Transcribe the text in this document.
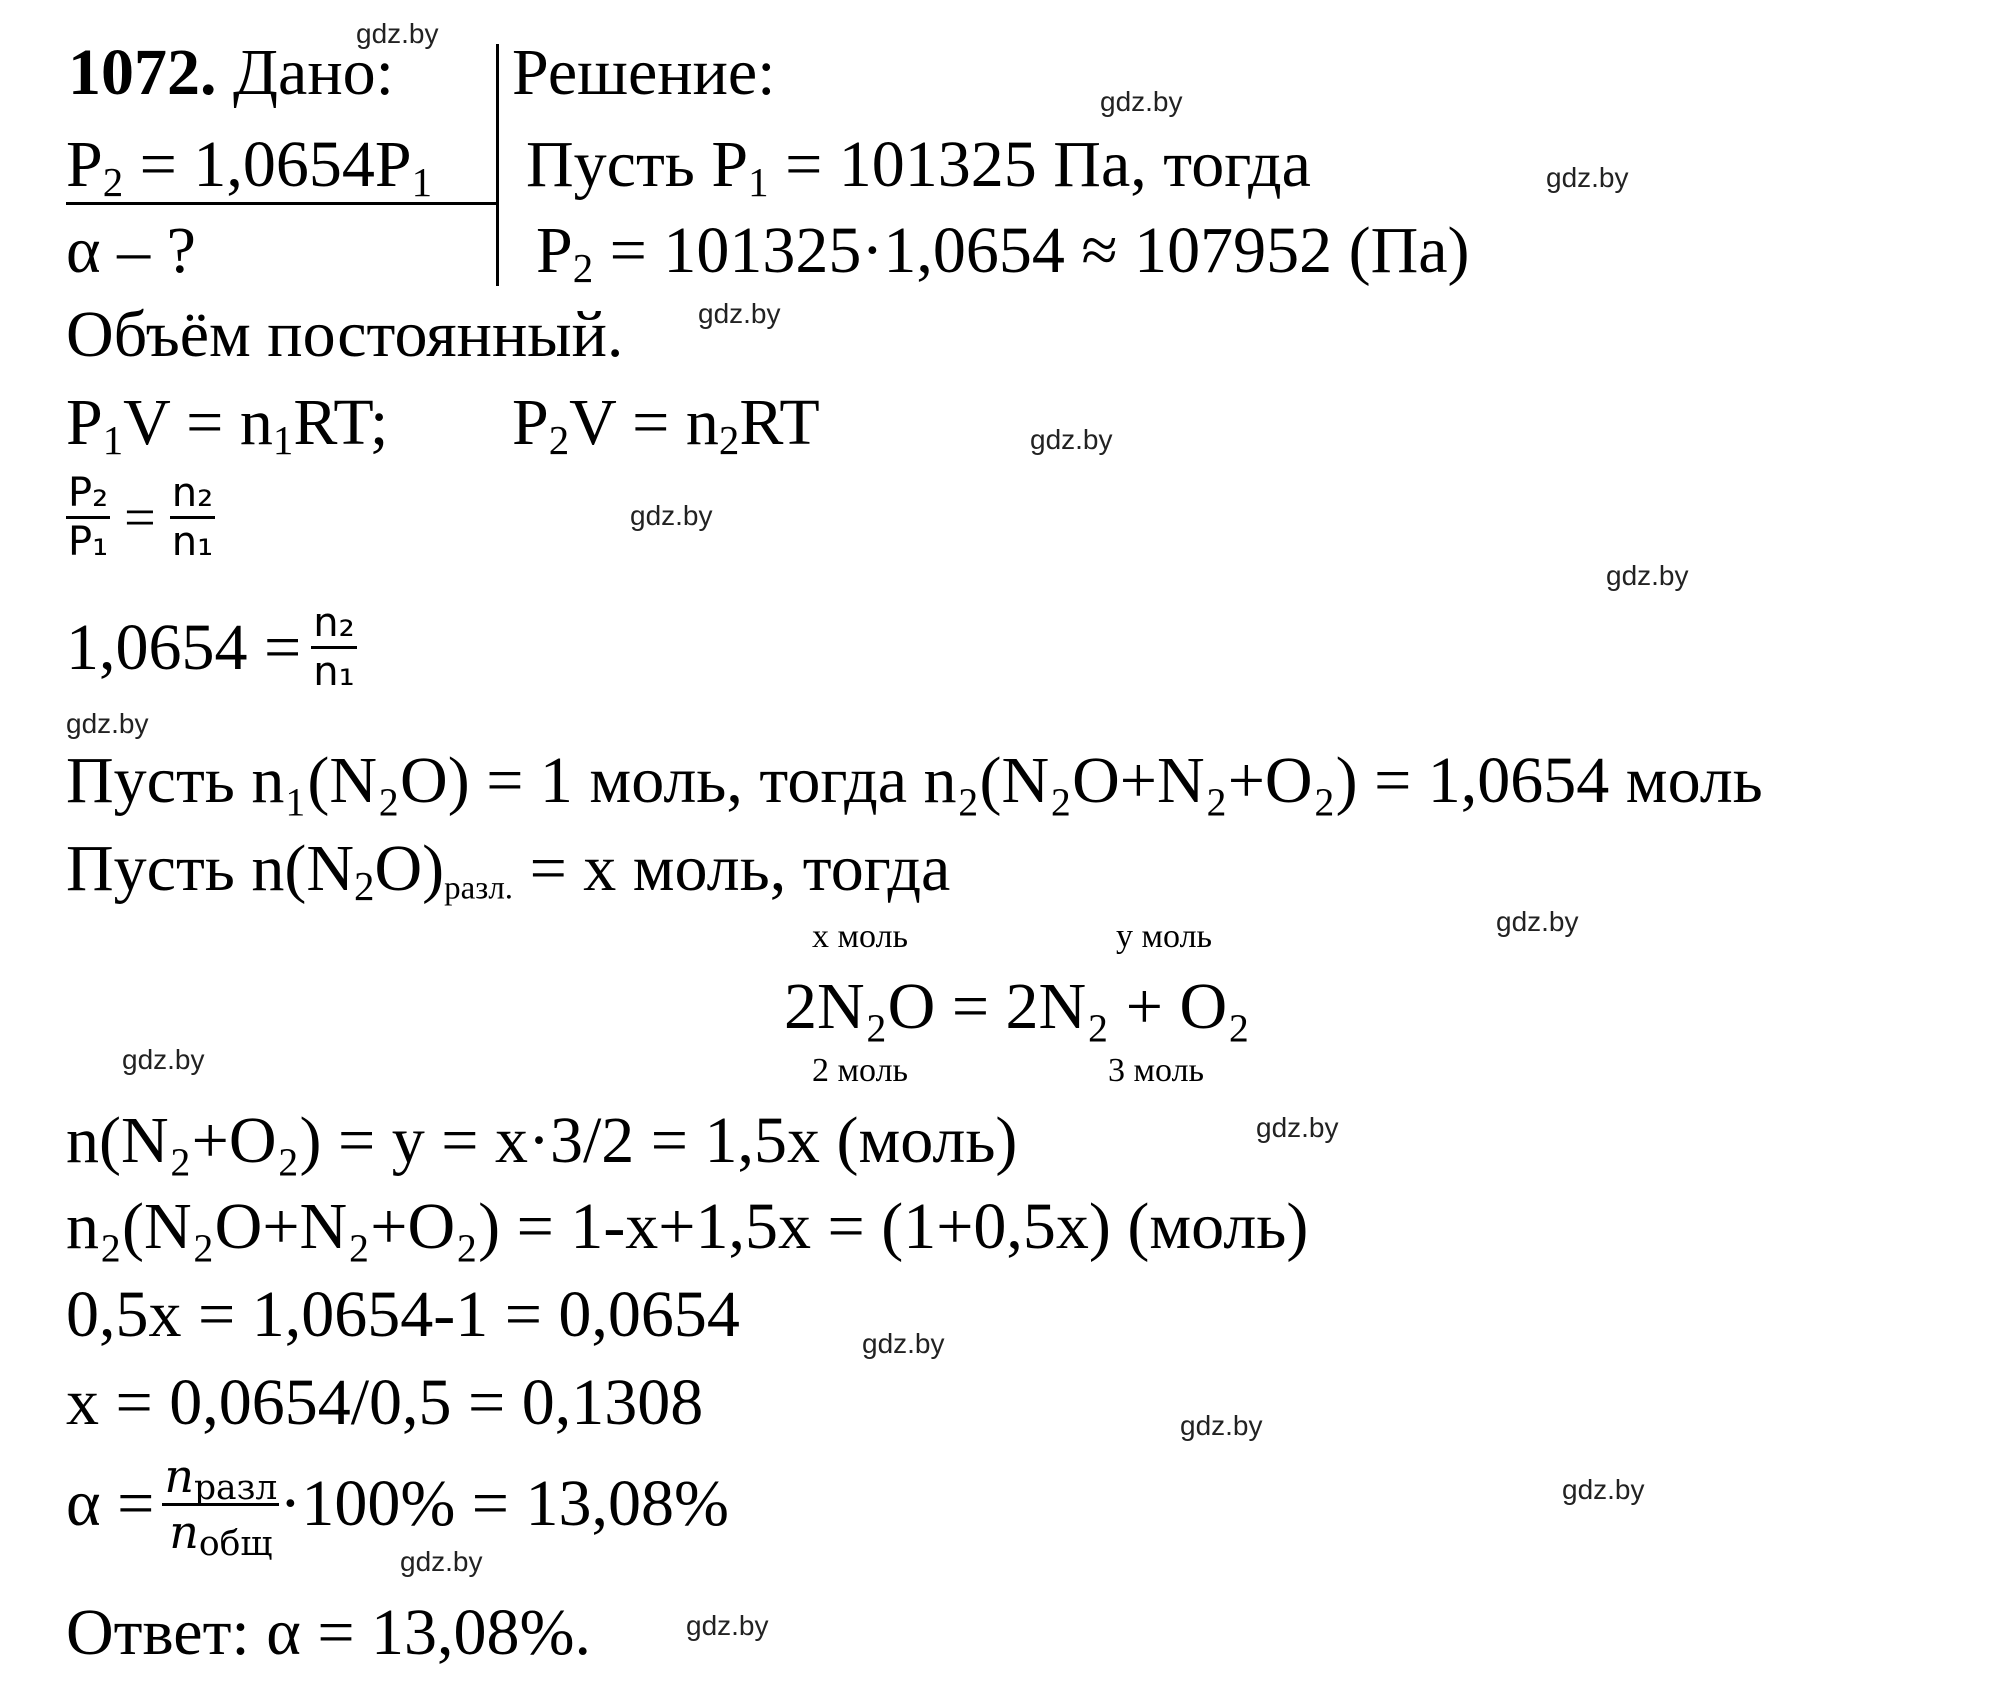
1072. Дано: Решение:
$P_2 = 1,0654P_1$
α – ?
Пусть $P_1 = 101325$ Па, тогда
$P_2 = 101325\cdot 1,0654 \approx 107952$ (Па)
Объём постоянный.
$P_1V = n_1RT$; $P_2V = n_2RT$
$\frac{\text{P₂}}{\text{P₁}} = \frac{\text{n₂}}{\text{n₁}}$
$1,0654 = \frac{\text{n₂}}{\text{n₁}}$
Пусть n₁(N₂O) = 1 моль, тогда n₂(N₂O+N₂+O₂) = 1,0654 моль
Пусть $n(N_2O)_{разл.} = x$ моль, тогда
x моль	y моль
2N₂O = 2N₂ + O₂
2 моль	3 моль
n(N₂+O₂) = y = x·3/2 = 1,5x (моль)
n₂(N₂O+N₂+O₂) = 1-x+1,5x = (1+0,5x) (моль)
0,5x = 1,0654-1 = 0,0654
x = 0,0654/0,5 = 0,1308
$\alpha = \frac{n_{разл}}{n_{общ}} \cdot 100\% = 13,08\%$
Ответ: α = 13,08%.
gdz.by
gdz.by
gdz.by
gdz.by
gdz.by
gdz.by
gdz.by
gdz.by
gdz.by
gdz.by
gdz.by
gdz.by
gdz.by
gdz.by
gdz.by
gdz.by
